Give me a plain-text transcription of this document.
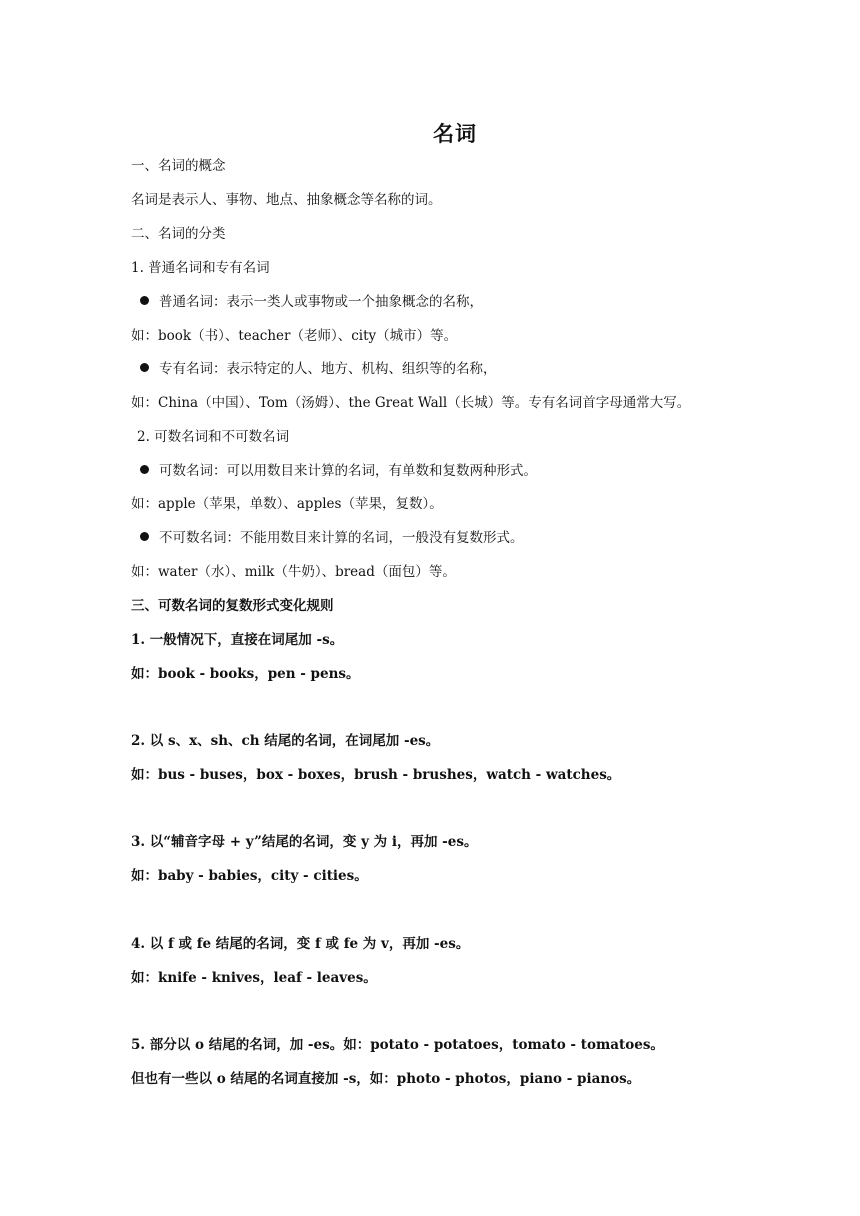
名词
一、名词的概念
名词是表示人、事物、地点、抽象概念等名称的词。
二、名词的分类
1. 普通名词和专有名词
普通名词：表示一类人或事物或一个抽象概念的名称，
如：book（书）、teacher（老师）、city（城市）等。
专有名词：表示特定的人、地方、机构、组织等的名称，
如：China（中国）、Tom（汤姆）、the Great Wall（长城）等。专有名词首字母通常大写。
2. 可数名词和不可数名词
可数名词：可以用数目来计算的名词，有单数和复数两种形式。
如：apple（苹果，单数）、apples（苹果，复数）。
不可数名词：不能用数目来计算的名词，一般没有复数形式。
如：water（水）、milk（牛奶）、bread（面包）等。
三、可数名词的复数形式变化规则
1. 一般情况下，直接在词尾加 -s。
如：book - books，pen - pens。
2. 以 s、x、sh、ch 结尾的名词，在词尾加 -es。
如：bus - buses，box - boxes，brush - brushes，watch - watches。
3. 以“辅音字母 + y”结尾的名词，变 y 为 i，再加 -es。
如：baby - babies，city - cities。
4. 以 f 或 fe 结尾的名词，变 f 或 fe 为 v，再加 -es。
如：knife - knives，leaf - leaves。
5. 部分以 o 结尾的名词，加 -es。如：potato - potatoes，tomato - tomatoes。
但也有一些以 o 结尾的名词直接加 -s，如：photo - photos，piano - pianos。
